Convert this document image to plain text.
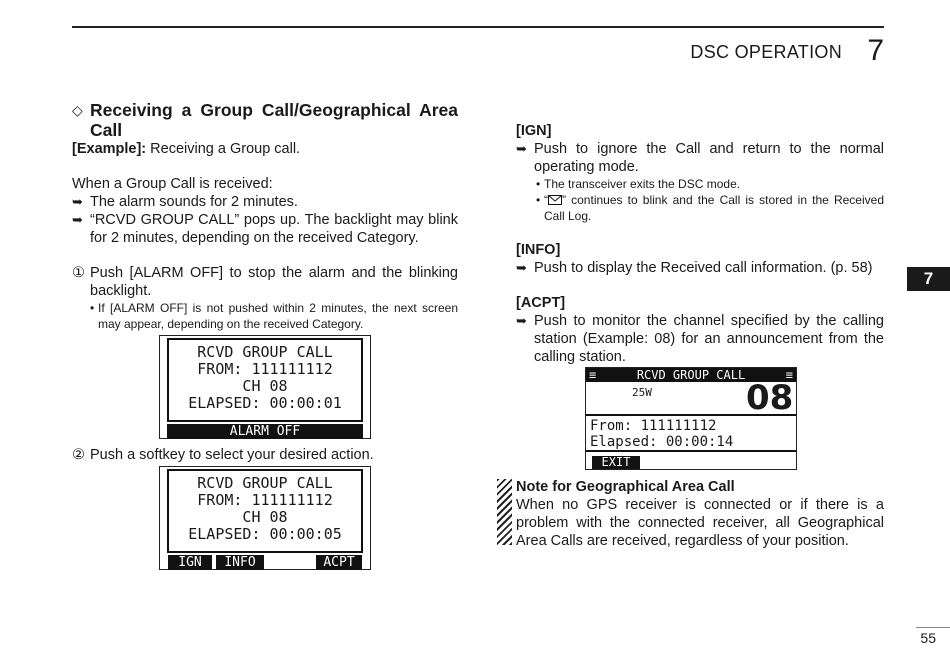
DSC OPERATION 7
7
55
◇ Receiving a Group Call/Geographical Area Call

[Example]: Receiving a Group call.

When a Group Call is received:

➥ The alarm sounds for 2 minutes.
➥ “RCVD GROUP CALL” pops up. The backlight may blink for 2 minutes, depending on the received Category.
① Push [ALARM OFF] to stop the alarm and the blinking backlight.
• If [ALARM OFF] is not pushed within 2 minutes, the next screen may appear, depending on the received Category.
RCVD GROUP CALL
FROM: 111111112
CH 08
ELAPSED: 00:00:01
ALARM OFF
② Push a softkey to select your desired action.
RCVD GROUP CALL
FROM: 111111112
CH 08
ELAPSED: 00:00:05
IGN	INFO	ACPT

[IGN]

➥ Push to ignore the Call and return to the normal operating mode.
• The transceiver exits the DSC mode.
• “ ” continues to blink and the Call is stored in the Received Call Log.

[INFO]

➥ Push to display the Received call information. (p. 58)

[ACPT]

➥ Push to monitor the channel specified by the calling station (Example: 08) for an announcement from the calling station.
≡	RCVD GROUP CALL	≡
25W	08
From: 111111112
Elapsed: 00:00:14
EXIT

Note for Geographical Area Call

When no GPS receiver is connected or if there is a problem with the connected receiver, all Geographical Area Calls are received, regardless of your position.
